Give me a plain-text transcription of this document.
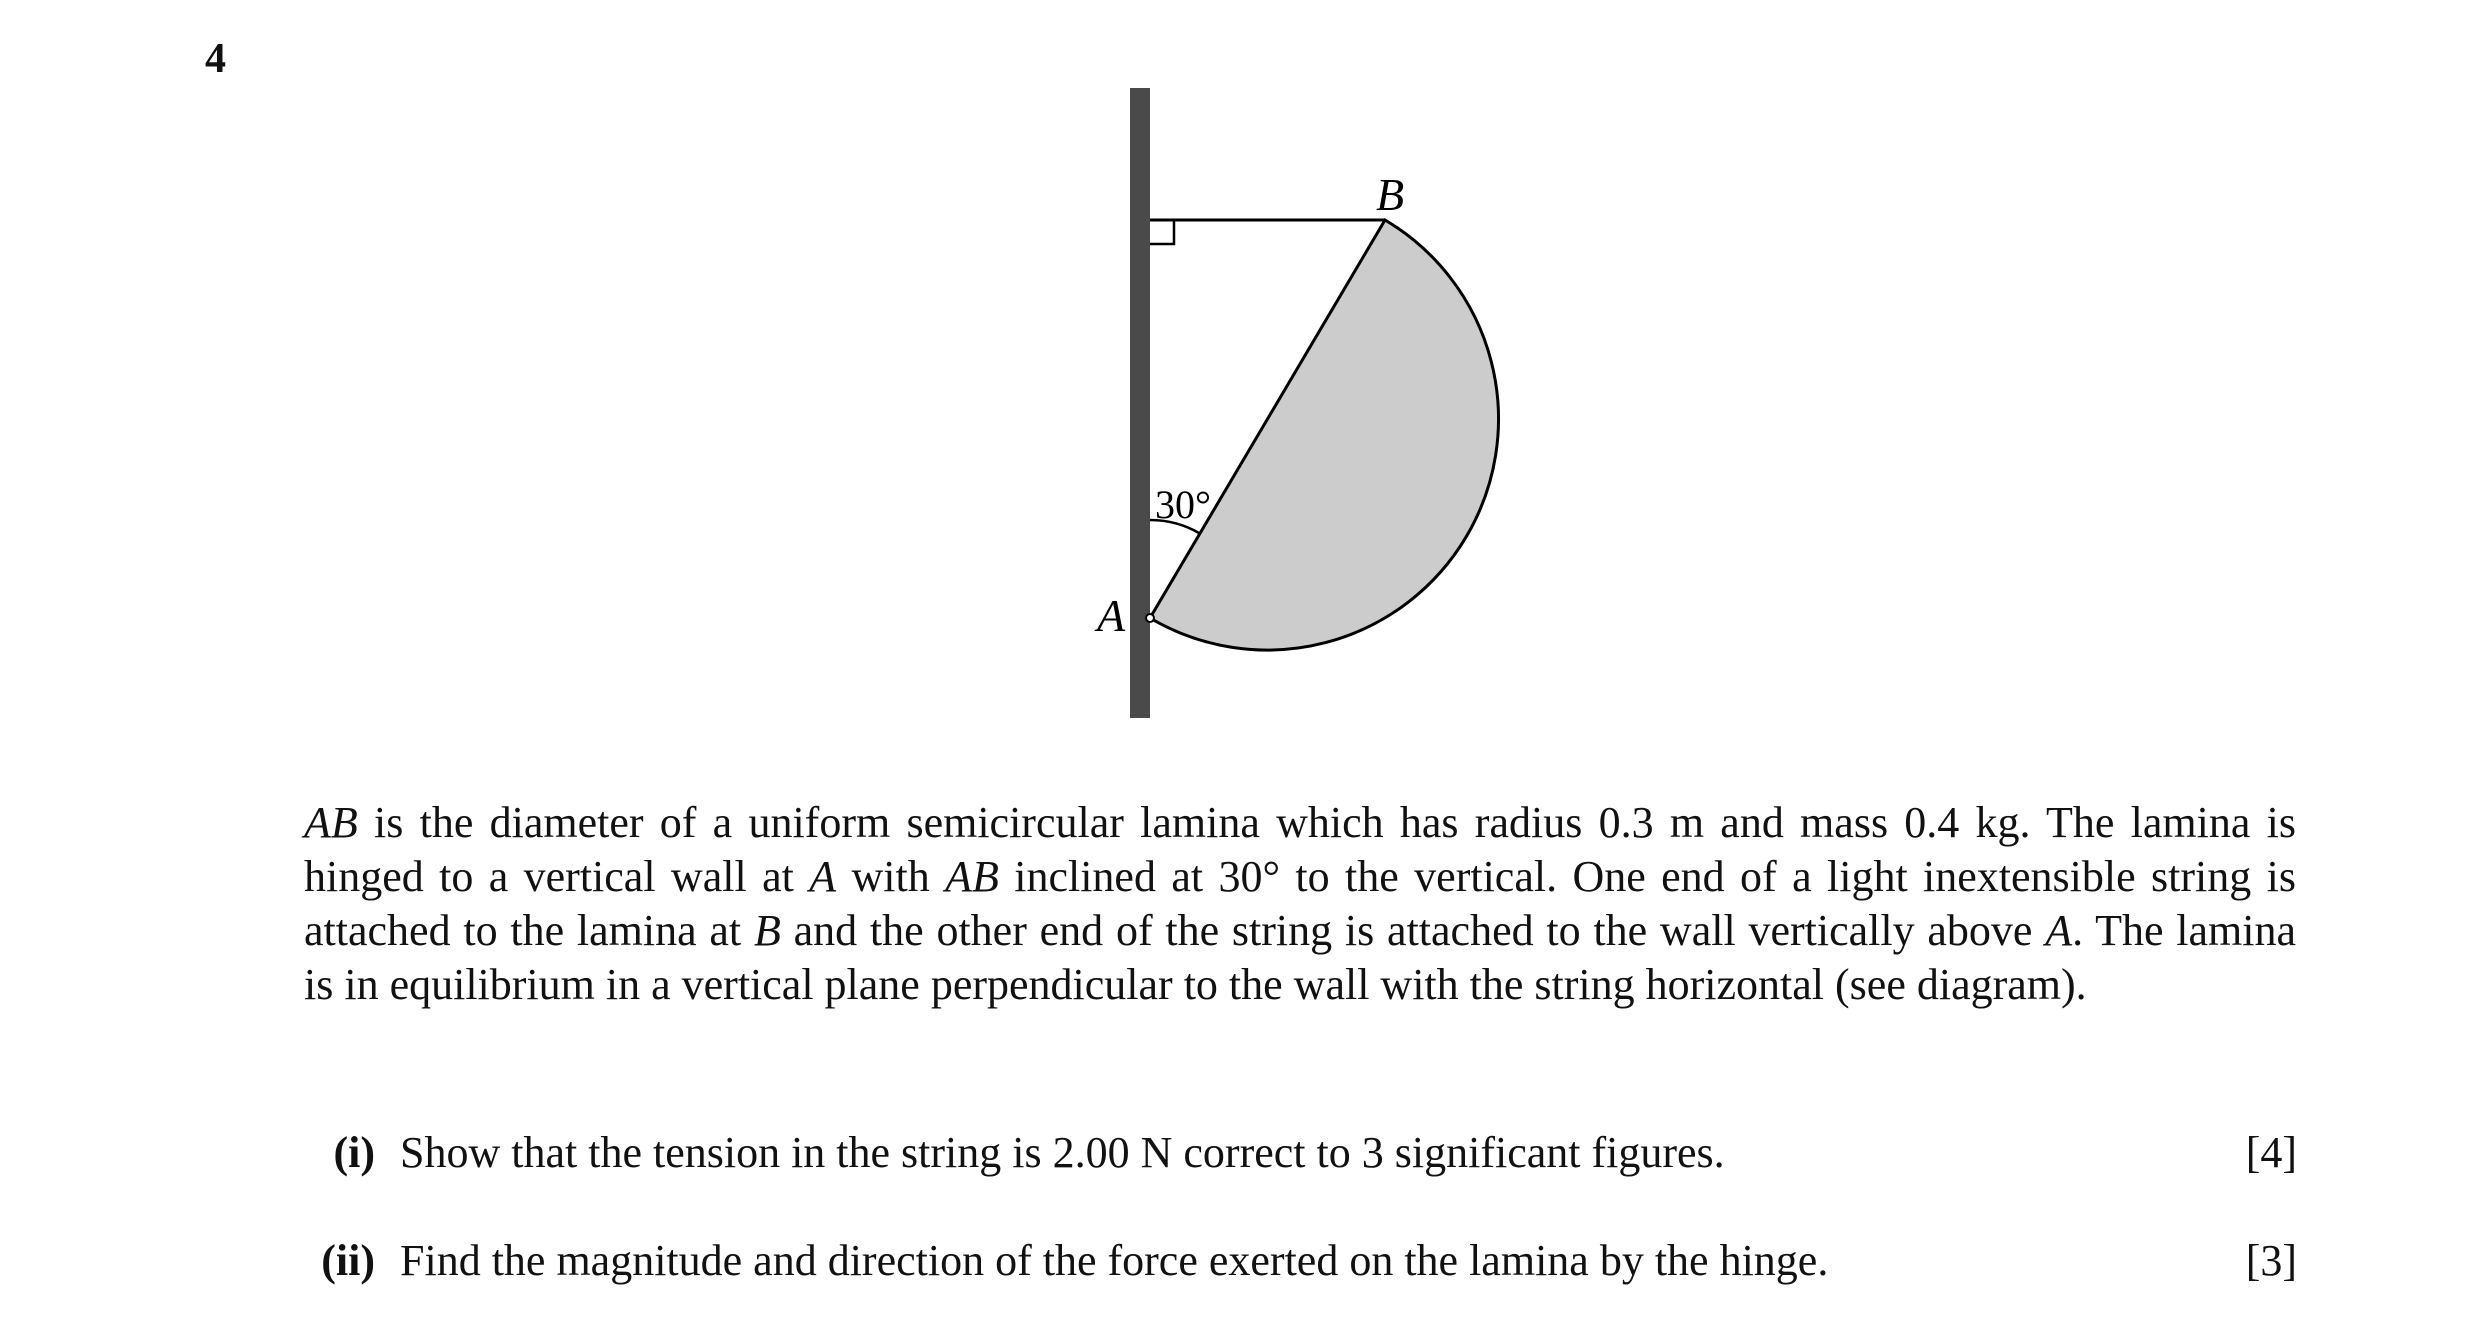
4
B
A
30°
AB is the diameter of a uniform semicircular lamina which has radius 0.3 m and mass 0.4 kg. The lamina is hinged to a vertical wall at A with AB inclined at 30° to the vertical. One end of a light inextensible string is attached to the lamina at B and the other end of the string is attached to the wall vertically above A. The lamina is in equilibrium in a vertical plane perpendicular to the wall with the string horizontal (see diagram).
(i) Show that the tension in the string is 2.00 N correct to 3 significant figures.	[4]
(ii) Find the magnitude and direction of the force exerted on the lamina by the hinge.	[3]
